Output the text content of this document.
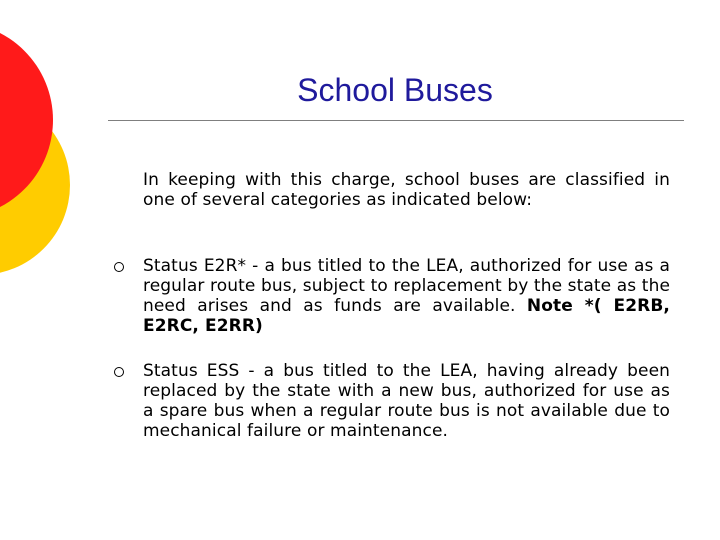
School Buses
In keeping with this charge, school buses are classified in one of several categories as indicated below:
Status E2R* - a bus titled to the LEA, authorized for use as a regular route bus, subject to replacement by the state as the need arises and as funds are available. Note *( E2RB, E2RC, E2RR)
Status ESS - a bus titled to the LEA, having already been replaced by the state with a new bus, authorized for use as a spare bus when a regular route bus is not available due to mechanical failure or maintenance.
